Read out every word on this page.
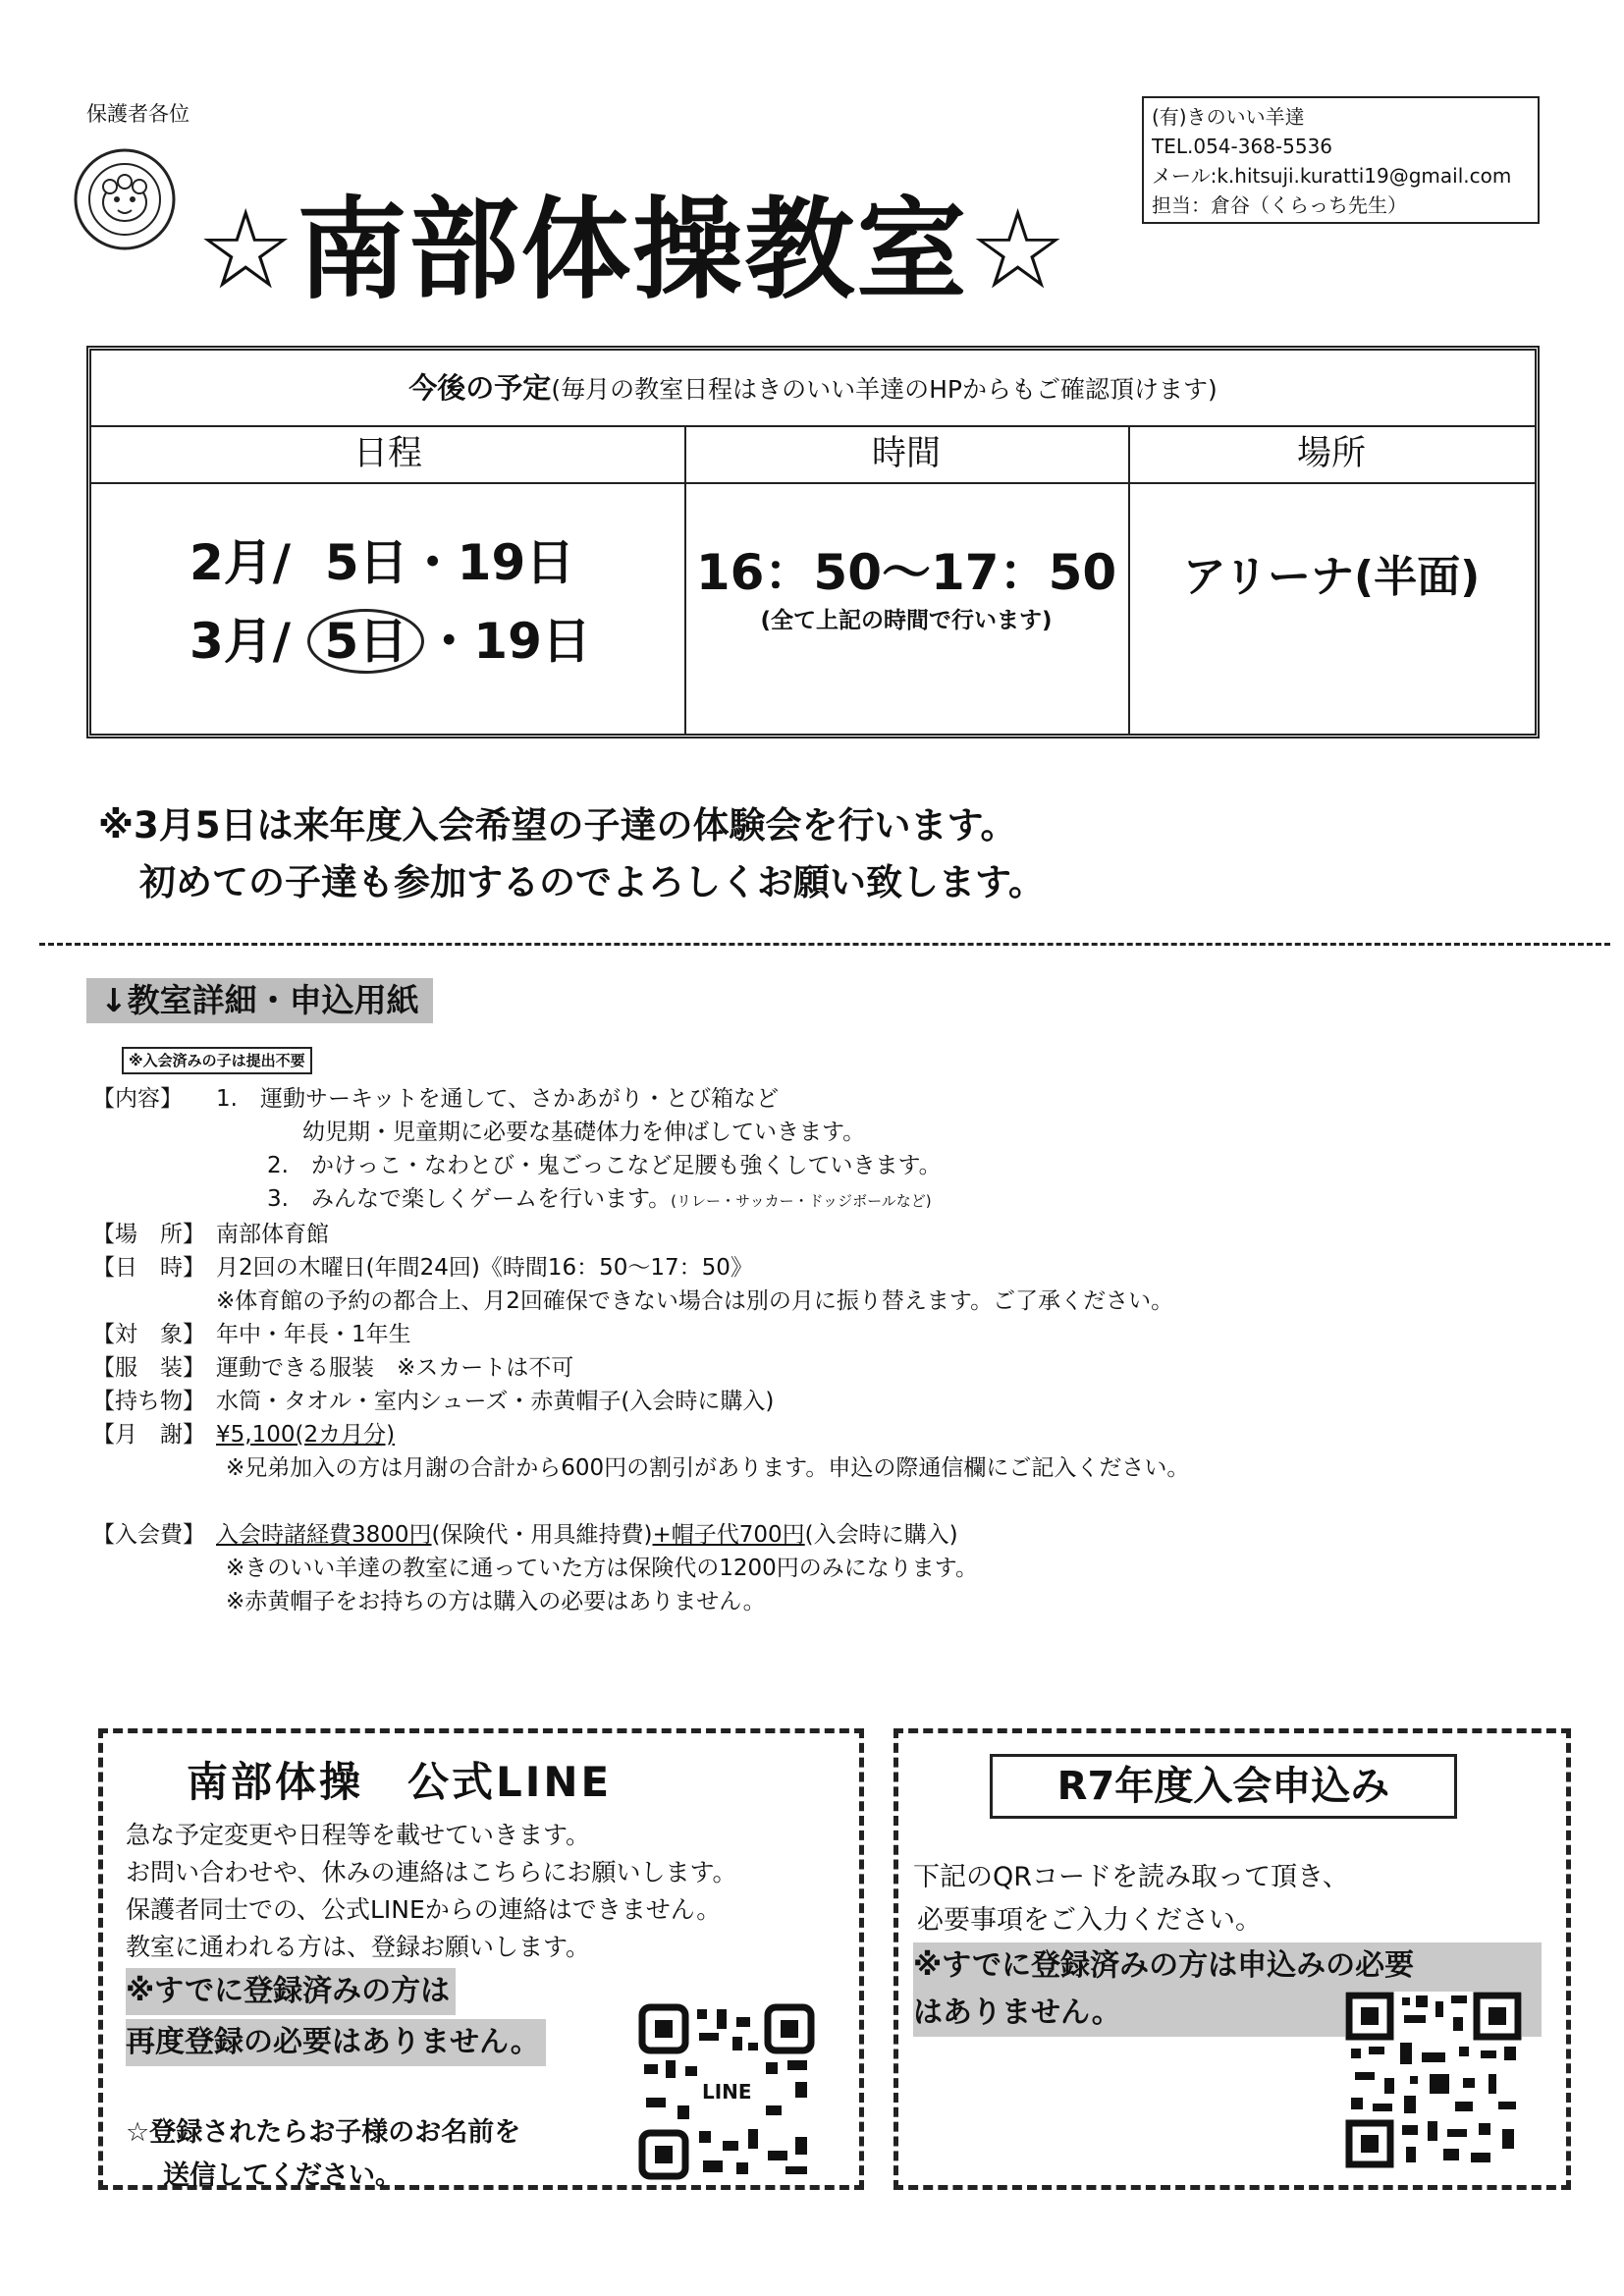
保護者各位	(有)きのいい羊達
TEL.054-368-5536
メール:k.hitsuji.kuratti19@gmail.com
担当：倉谷（くらっち先生）
☆南部体操教室☆
今後の予定(毎月の教室日程はきのいい羊達のHPからもご確認頂けます)
日程
2月/ 5日・19日
3月/ 5日 ・19日
時間
16：50〜17：50
(全て上記の時間で行います)
場所
アリーナ(半面)
※3月5日は来年度入会希望の子達の体験会を行います。
初めての子達も参加するのでよろしくお願い致します。
↓教室詳細・申込用紙
※入会済みの子は提出不要
【内容】	1.　運動サーキットを通して、さかあがり・とび箱など
幼児期・児童期に必要な基礎体力を伸ばしていきます。
2.　かけっこ・なわとび・鬼ごっこなど足腰も強くしていきます。
3.　みんなで楽しくゲームを行います。(リレー・サッカー・ドッジボールなど)
【場　所】 南部体育館
【日　時】 月2回の木曜日(年間24回)《時間16：50〜17：50》
※体育館の予約の都合上、月2回確保できない場合は別の月に振り替えます。ご了承ください。
【対　象】 年中・年長・1年生
【服　装】 運動できる服装　※スカートは不可
【持ち物】 水筒・タオル・室内シューズ・赤黄帽子(入会時に購入)
【月　謝】 ¥5,100(2カ月分)
※兄弟加入の方は月謝の合計から600円の割引があります。申込の際通信欄にご記入ください。
【入会費】 入会時諸経費3800円 (保険代・用具維持費) +帽子代700円 (入会時に購入)
※きのいい羊達の教室に通っていた方は保険代の1200円のみになります。
※赤黄帽子をお持ちの方は購入の必要はありません。
南部体操　公式LINE
急な予定変更や日程等を載せていきます。
お問い合わせや、休みの連絡はこちらにお願いします。
保護者同士での、公式LINEからの連絡はできません。
教室に通われる方は、登録お願いします。
※すでに登録済みの方は
再度登録の必要はありません。
☆登録されたらお子様のお名前を
送信してください。
LINE
R7年度入会申込み
下記のQRコードを読み取って頂き、
必要事項をご入力ください。
※すでに登録済みの方は申込みの必要
はありません。
